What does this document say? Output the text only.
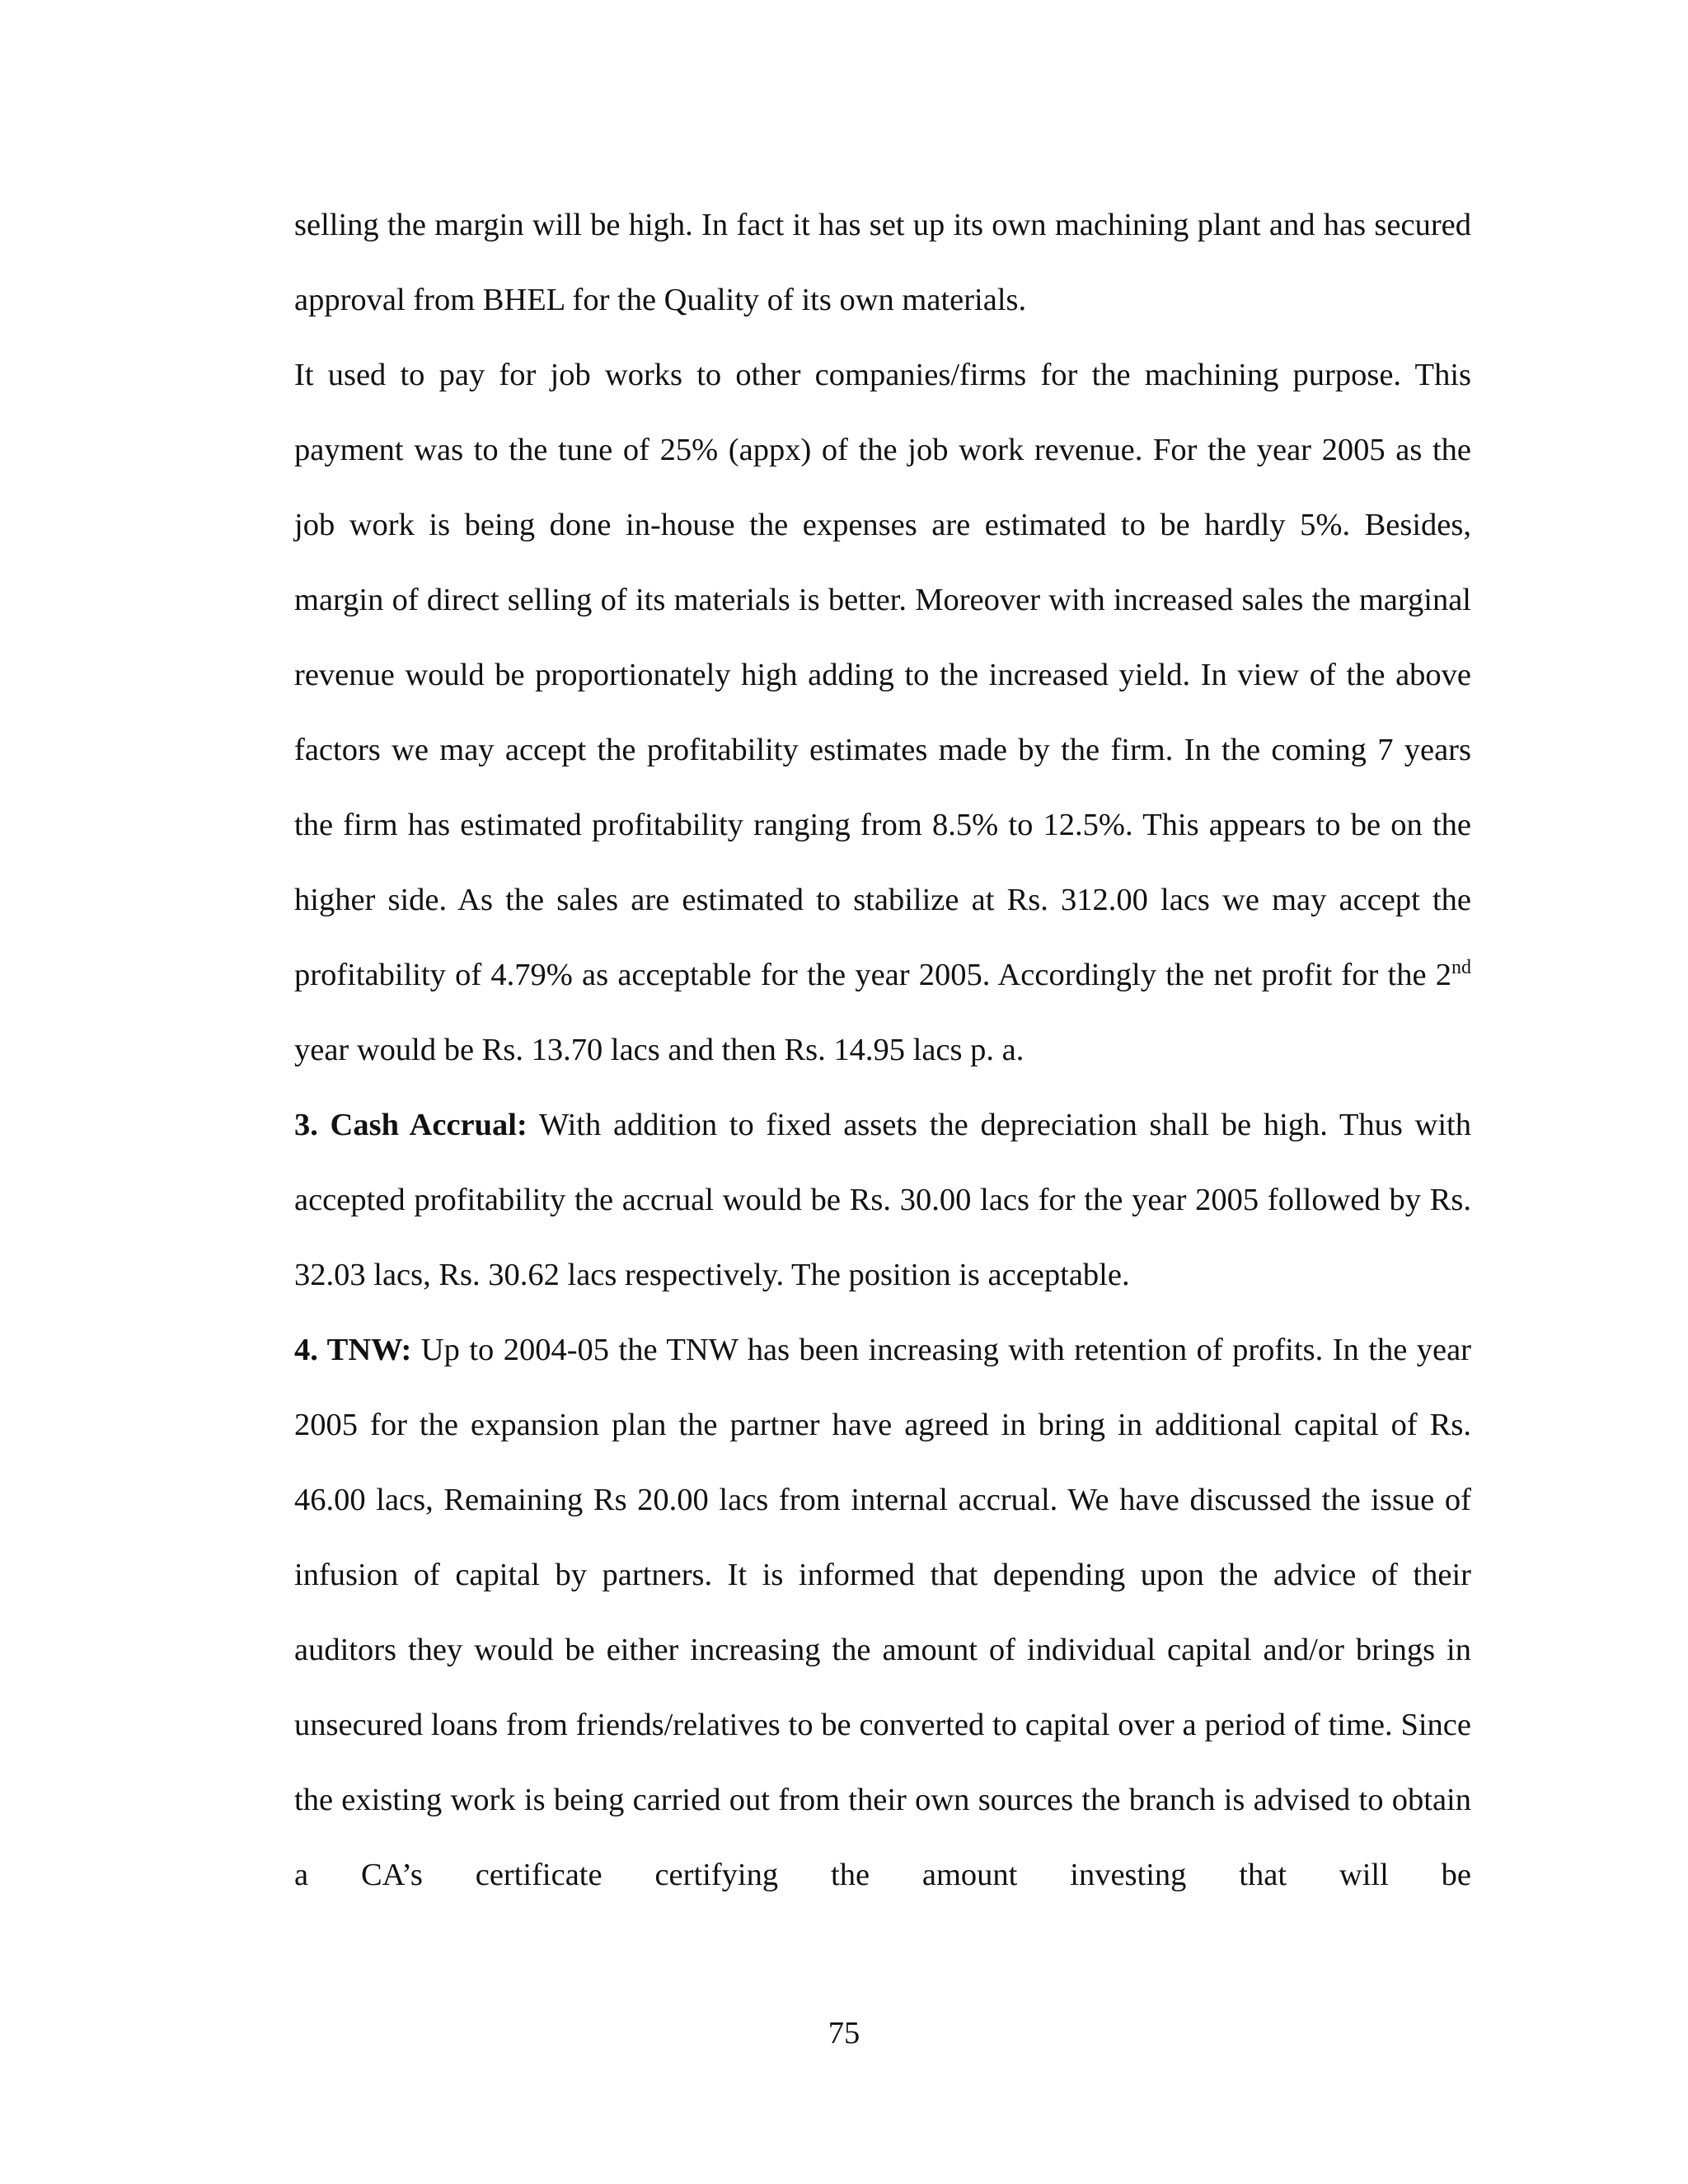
selling the margin will be high. In fact it has set up its own machining plant and has secured approval from BHEL for the Quality of its own materials.

It used to pay for job works to other companies/firms for the machining purpose. This payment was to the tune of 25% (appx) of the job work revenue. For the year 2005 as the job work is being done in-house the expenses are estimated to be hardly 5%. Besides, margin of direct selling of its materials is better. Moreover with increased sales the marginal revenue would be proportionately high adding to the increased yield. In view of the above factors we may accept the profitability estimates made by the firm. In the coming 7 years the firm has estimated profitability ranging from 8.5% to 12.5%. This appears to be on the higher side. As the sales are estimated to stabilize at Rs. 312.00 lacs we may accept the profitability of 4.79% as acceptable for the year 2005. Accordingly the net profit for the 2nd year would be Rs. 13.70 lacs and then Rs. 14.95 lacs p. a.

3. Cash Accrual: With addition to fixed assets the depreciation shall be high. Thus with accepted profitability the accrual would be Rs. 30.00 lacs for the year 2005 followed by Rs. 32.03 lacs, Rs. 30.62 lacs respectively. The position is acceptable.

4. TNW: Up to 2004-05 the TNW has been increasing with retention of profits. In the year 2005 for the expansion plan the partner have agreed in bring in additional capital of Rs. 46.00 lacs, Remaining Rs 20.00 lacs from internal accrual. We have discussed the issue of infusion of capital by partners. It is informed that depending upon the advice of their auditors they would be either increasing the amount of individual capital and/or brings in unsecured loans from friends/relatives to be converted to capital over a period of time. Since the existing work is being carried out from their own sources the branch is advised to obtain a CA’s certificate certifying the amount investing that will be

75
